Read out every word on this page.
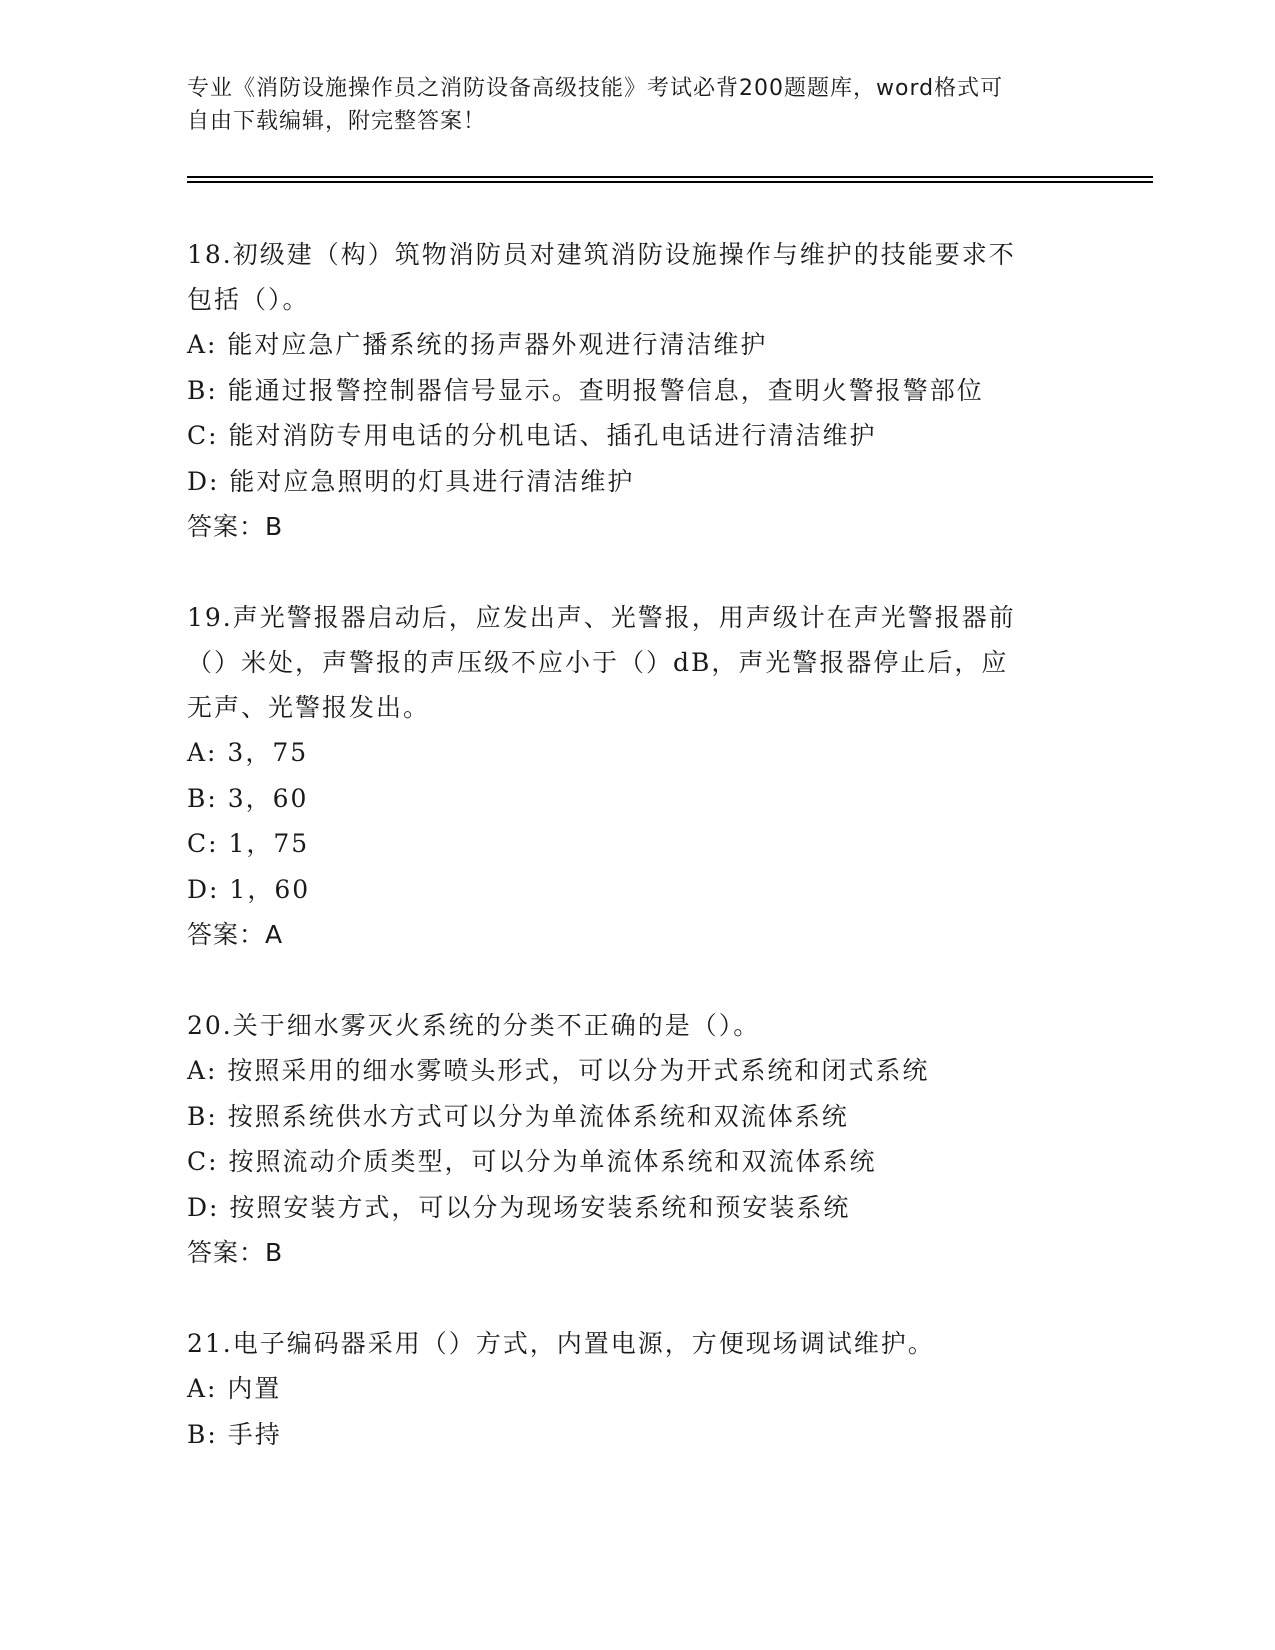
专业《消防设施操作员之消防设备高级技能》考试必背200题题库，word格式可
自由下载编辑，附完整答案！
18.初级建（构）筑物消防员对建筑消防设施操作与维护的技能要求不
包括（）。
A: 能对应急广播系统的扬声器外观进行清洁维护
B: 能通过报警控制器信号显示。查明报警信息，查明火警报警部位
C: 能对消防专用电话的分机电话、插孔电话进行清洁维护
D: 能对应急照明的灯具进行清洁维护
答案：B
19.声光警报器启动后，应发出声、光警报，用声级计在声光警报器前
（）米处，声警报的声压级不应小于（）dB，声光警报器停止后，应
无声、光警报发出。
A: 3，75
B: 3，60
C: 1，75
D: 1，60
答案：A
20.关于细水雾灭火系统的分类不正确的是（）。
A: 按照采用的细水雾喷头形式，可以分为开式系统和闭式系统
B: 按照系统供水方式可以分为单流体系统和双流体系统
C: 按照流动介质类型，可以分为单流体系统和双流体系统
D: 按照安装方式，可以分为现场安装系统和预安装系统
答案：B
21.电子编码器采用（）方式，内置电源，方便现场调试维护。
A: 内置
B: 手持
